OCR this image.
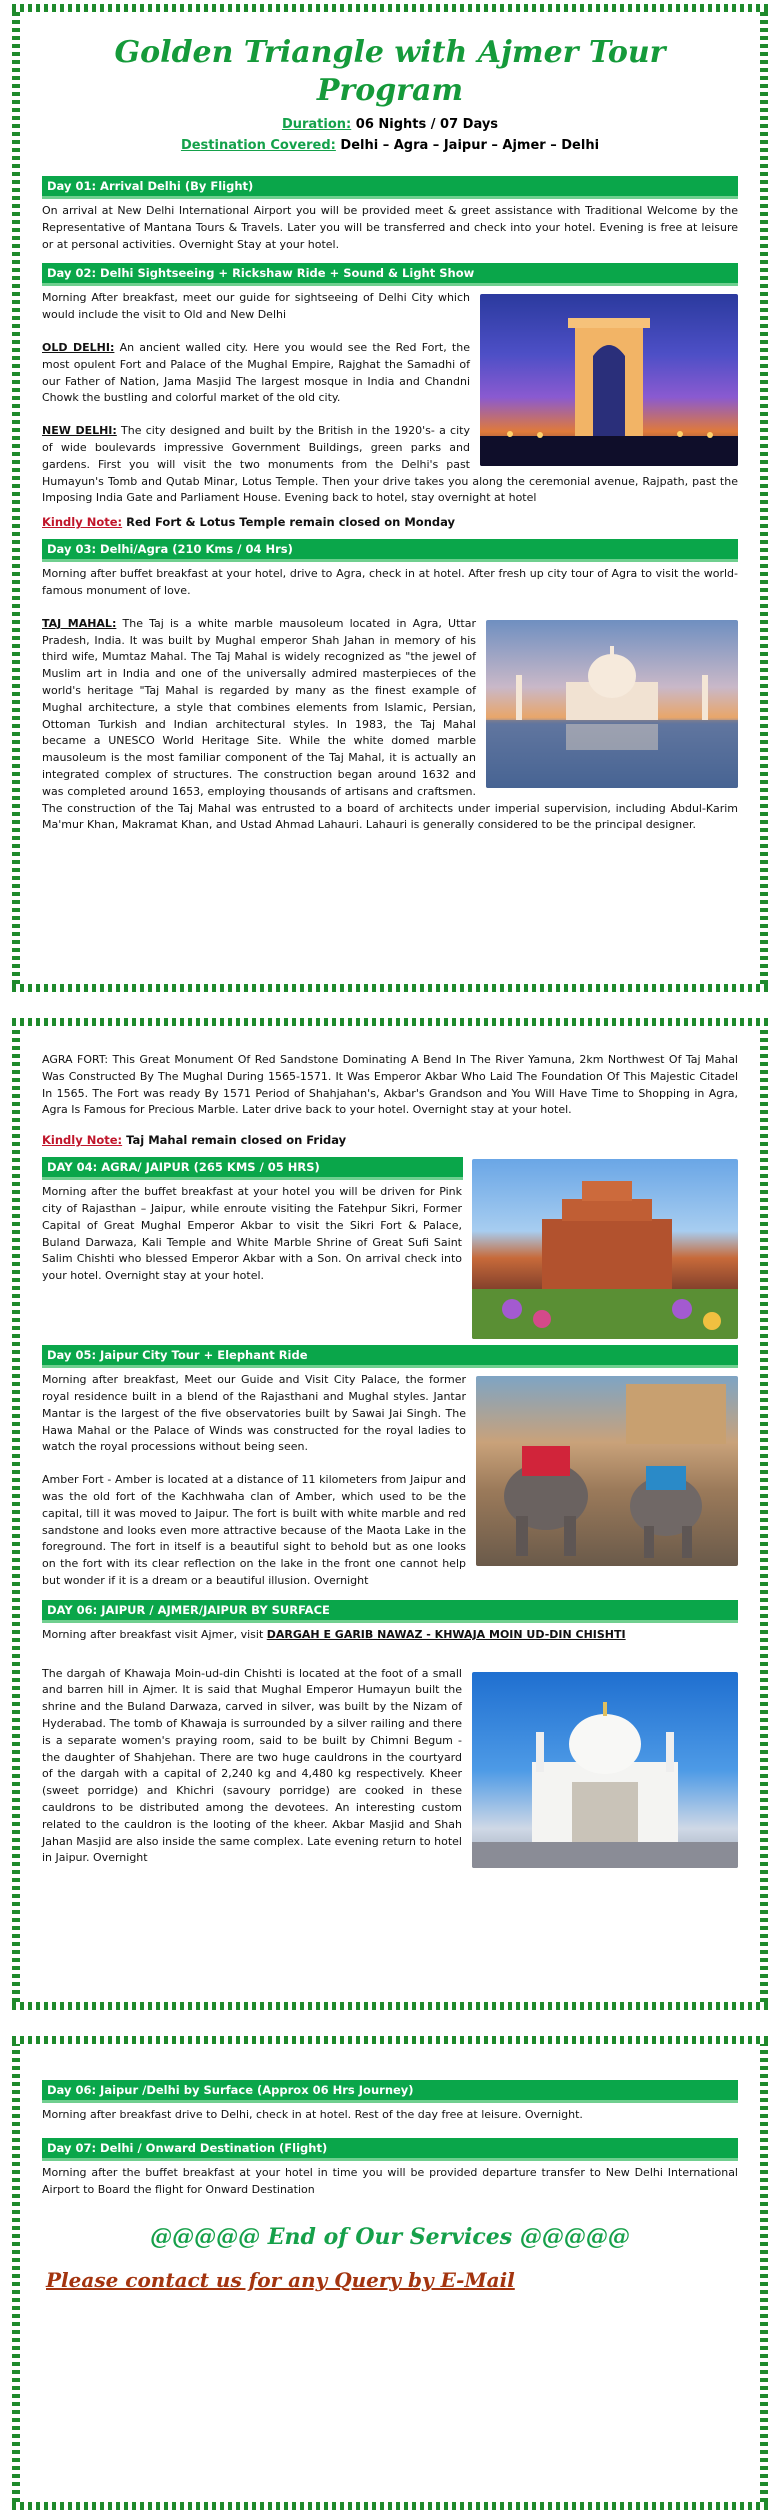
Golden Triangle with Ajmer Tour Program
Duration: 06 Nights / 07 Days
Destination Covered: Delhi – Agra – Jaipur – Ajmer – Delhi
Day 01: Arrival Delhi (By Flight)

On arrival at New Delhi International Airport you will be provided meet & greet assistance with Traditional Welcome by the Representative of Mantana Tours & Travels. Later you will be transferred and check into your hotel. Evening is free at leisure or at personal activities. Overnight Stay at your hotel.

Day 02: Delhi Sightseeing + Rickshaw Ride + Sound & Light Show

Morning After breakfast, meet our guide for sightseeing of Delhi City which would include the visit to Old and New Delhi

OLD DELHI: An ancient walled city. Here you would see the Red Fort, the most opulent Fort and Palace of the Mughal Empire, Rajghat the Samadhi of our Father of Nation, Jama Masjid The largest mosque in India and Chandni Chowk the bustling and colorful market of the old city.

NEW DELHI: The city designed and built by the British in the 1920's- a city of wide boulevards impressive Government Buildings, green parks and gardens. First you will visit the two monuments from the Delhi's past Humayun's Tomb and Qutab Minar, Lotus Temple. Then your drive takes you along the ceremonial avenue, Rajpath, past the Imposing India Gate and Parliament House. Evening back to hotel, stay overnight at hotel

Kindly Note: Red Fort & Lotus Temple remain closed on Monday
Day 03: Delhi/Agra (210 Kms / 04 Hrs)

Morning after buffet breakfast at your hotel, drive to Agra, check in at hotel. After fresh up city tour of Agra to visit the world-famous monument of love.

TAJ MAHAL: The Taj is a white marble mausoleum located in Agra, Uttar Pradesh, India. It was built by Mughal emperor Shah Jahan in memory of his third wife, Mumtaz Mahal. The Taj Mahal is widely recognized as "the jewel of Muslim art in India and one of the universally admired masterpieces of the world's heritage "Taj Mahal is regarded by many as the finest example of Mughal architecture, a style that combines elements from Islamic, Persian, Ottoman Turkish and Indian architectural styles. In 1983, the Taj Mahal became a UNESCO World Heritage Site. While the white domed marble mausoleum is the most familiar component of the Taj Mahal, it is actually an integrated complex of structures. The construction began around 1632 and was completed around 1653, employing thousands of artisans and craftsmen. The construction of the Taj Mahal was entrusted to a board of architects under imperial supervision, including Abdul-Karim Ma'mur Khan, Makramat Khan, and Ustad Ahmad Lahauri. Lahauri is generally considered to be the principal designer.

AGRA FORT: This Great Monument Of Red Sandstone Dominating A Bend In The River Yamuna, 2km Northwest Of Taj Mahal Was Constructed By The Mughal During 1565-1571. It Was Emperor Akbar Who Laid The Foundation Of This Majestic Citadel In 1565. The Fort was ready By 1571 Period of Shahjahan's, Akbar's Grandson and You Will Have Time to Shopping in Agra, Agra Is Famous for Precious Marble. Later drive back to your hotel. Overnight stay at your hotel.

Kindly Note: Taj Mahal remain closed on Friday
DAY 04: AGRA/ JAIPUR (265 KMS / 05 HRS)

Morning after the buffet breakfast at your hotel you will be driven for Pink city of Rajasthan – Jaipur, while enroute visiting the Fatehpur Sikri, Former Capital of Great Mughal Emperor Akbar to visit the Sikri Fort & Palace, Buland Darwaza, Kali Temple and White Marble Shrine of Great Sufi Saint Salim Chishti who blessed Emperor Akbar with a Son. On arrival check into your hotel. Overnight stay at your hotel.

Day 05: Jaipur City Tour + Elephant Ride

Morning after breakfast, Meet our Guide and Visit City Palace, the former royal residence built in a blend of the Rajasthani and Mughal styles. Jantar Mantar is the largest of the five observatories built by Sawai Jai Singh. The Hawa Mahal or the Palace of Winds was constructed for the royal ladies to watch the royal processions without being seen.

Amber Fort - Amber is located at a distance of 11 kilometers from Jaipur and was the old fort of the Kachhwaha clan of Amber, which used to be the capital, till it was moved to Jaipur. The fort is built with white marble and red sandstone and looks even more attractive because of the Maota Lake in the foreground. The fort in itself is a beautiful sight to behold but as one looks on the fort with its clear reflection on the lake in the front one cannot help but wonder if it is a dream or a beautiful illusion. Overnight

DAY 06: JAIPUR / AJMER/JAIPUR BY SURFACE

Morning after breakfast visit Ajmer, visit DARGAH E GARIB NAWAZ - KHWAJA MOIN UD-DIN CHISHTI

The dargah of Khawaja Moin-ud-din Chishti is located at the foot of a small and barren hill in Ajmer. It is said that Mughal Emperor Humayun built the shrine and the Buland Darwaza, carved in silver, was built by the Nizam of Hyderabad. The tomb of Khawaja is surrounded by a silver railing and there is a separate women's praying room, said to be built by Chimni Begum - the daughter of Shahjehan. There are two huge cauldrons in the courtyard of the dargah with a capital of 2,240 kg and 4,480 kg respectively. Kheer (sweet porridge) and Khichri (savoury porridge) are cooked in these cauldrons to be distributed among the devotees. An interesting custom related to the cauldron is the looting of the kheer. Akbar Masjid and Shah Jahan Masjid are also inside the same complex. Late evening return to hotel in Jaipur. Overnight

Day 06: Jaipur /Delhi by Surface (Approx 06 Hrs Journey)

Morning after breakfast drive to Delhi, check in at hotel. Rest of the day free at leisure. Overnight.

Day 07: Delhi / Onward Destination (Flight)

Morning after the buffet breakfast at your hotel in time you will be provided departure transfer to New Delhi International Airport to Board the flight for Onward Destination

@@@@@ End of Our Services @@@@@
Please contact us for any Query by E-Mail
